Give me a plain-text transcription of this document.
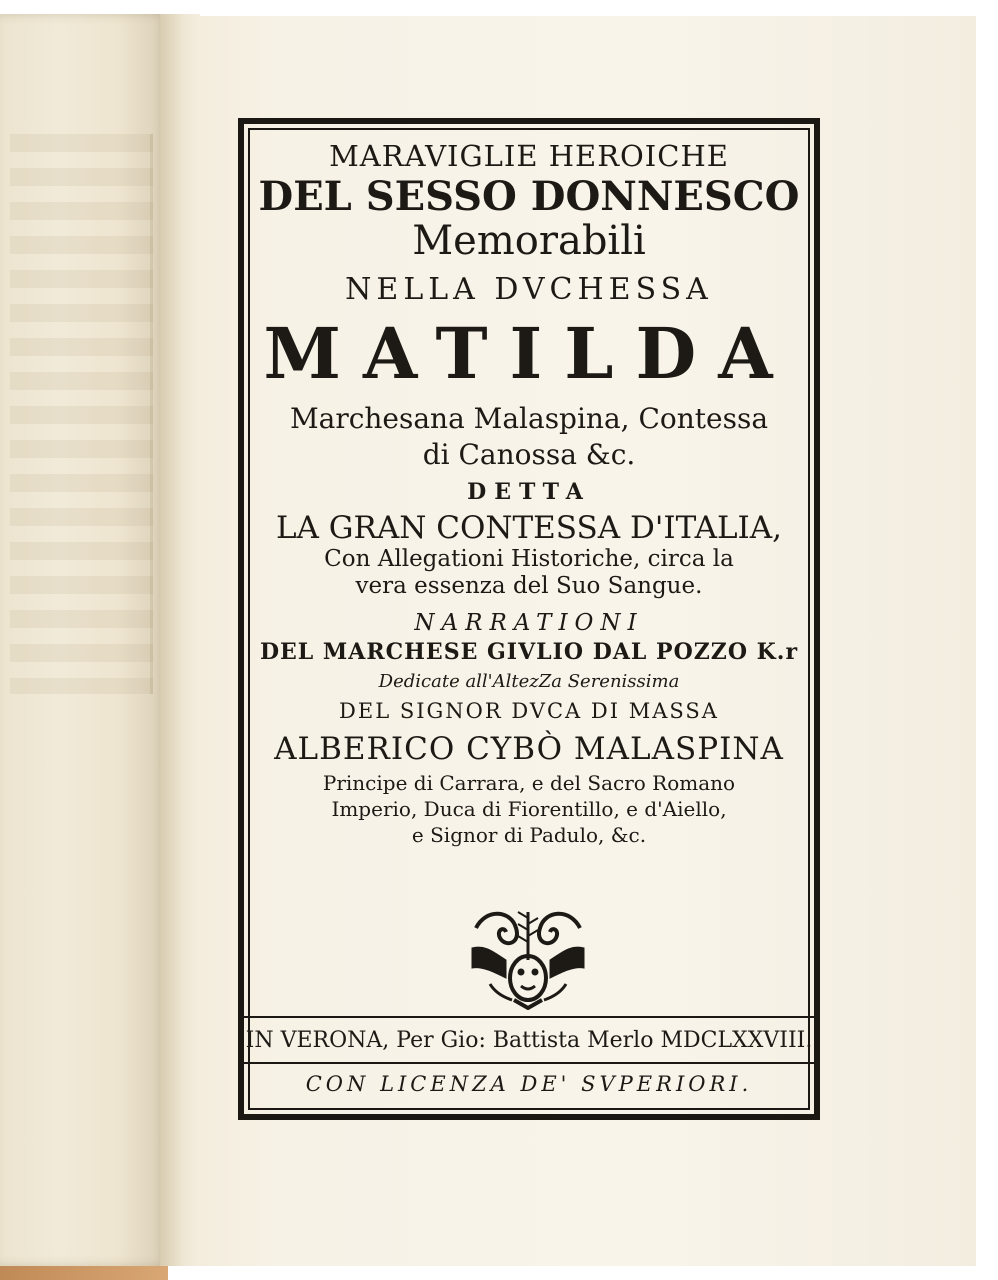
MARAVIGLIE HEROICHE
DEL SESSO DONNESCO
Memorabili
NELLA DVCHESSA
MATILDA
Marchesana Malaspina, Contessa
di Canossa &c.
DETTA
LA GRAN CONTESSA D'ITALIA,
Con Allegationi Historiche, circa la
vera essenza del Suo Sangue.
NARRATIONI
DEL MARCHESE GIVLIO DAL POZZO K.r
Dedicate all'AltezZa Serenissima
DEL SIGNOR DVCA DI MASSA
ALBERICO CYBÒ MALASPINA
Principe di Carrara, e del Sacro Romano
Imperio, Duca di Fiorentillo, e d'Aiello,
e Signor di Padulo, &c.
IN VERONA, Per Gio: Battista Merlo MDCLXXVIII.
CON LICENZA DE' SVPERIORI.
